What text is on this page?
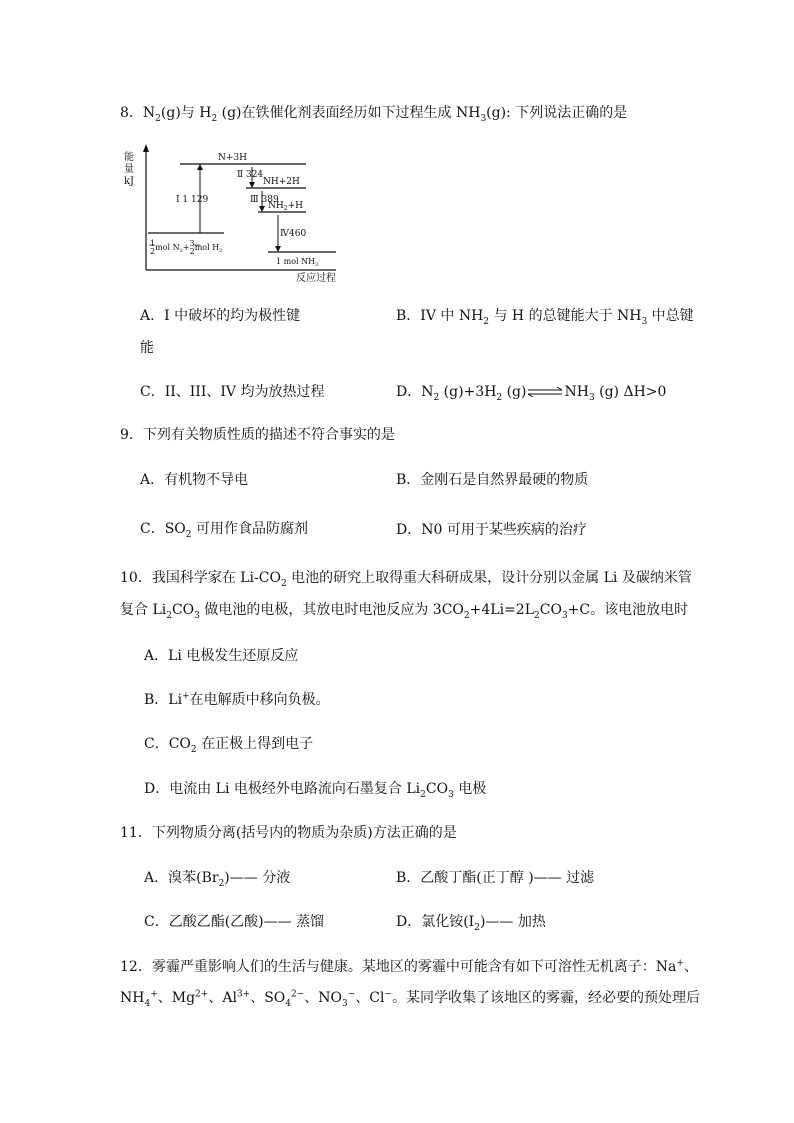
8．$N_2(g)$与 $H_2$ (g)在铁催化剂表面经历如下过程生成 $NH_3(g)$: 下列说法正确的是
能
量
kJ
反应过程
N+3H
Ⅰ 1 129
NH+2H
Ⅱ 324
$NH_2+H$
Ⅲ 389
1 2mol $N_2+3$ 2mol $H_2$
1 mol $NH_3$
Ⅳ460
A．I 中破坏的均为极性键	B．IV 中 $NH_2$ 与 H 的总键能大于 $NH_3$ 中总键
能
C．II、III、IV 均为放热过程	D．$N_2$ $(g)+3H_2$ $(g)\rightleftharpoons NH_3$ (g) ΔH>0
9．下列有关物质性质的描述不符合事实的是
A．有机物不导电	B．金刚石是自然界最硬的物质
C．$SO_2$ 可用作食品防腐剂	D．N0 可用于某些疾病的治疗
10．我国科学家在 $Li-CO_2$ 电池的研究上取得重大科研成果，设计分别以金属 Li 及碳纳米管
复合 $Li_2CO_3$ 做电池的电极，其放电时电池反应为 $3CO_2+4Li=2L_2CO_3+C$。该电池放电时
A．Li 电极发生还原反应
B．Li+在电解质中移向负极。
C．$CO_2$ 在正极上得到电子
D．电流由 Li 电极经外电路流向石墨复合 $Li_2CO_3$ 电极
11．下列物质分离(括号内的物质为杂质)方法正确的是
A．溴苯$(Br_2)——$ 分液	B．乙酸丁酯(正丁醇 )—— 过滤
C．乙酸乙酯(乙酸)—— 蒸馏	D．氯化铵$(I_2)——$ 加热
12．雾霾严重影响人们的生活与健康。某地区的雾霾中可能含有如下可溶性无机离子：Na+、
$NH_4^+$、$Mg^{2+}$、$Al^{3+}$、$SO_4^{2-}$、$NO_3^-$、Cl−。某同学收集了该地区的雾霾，经必要的预处理后
